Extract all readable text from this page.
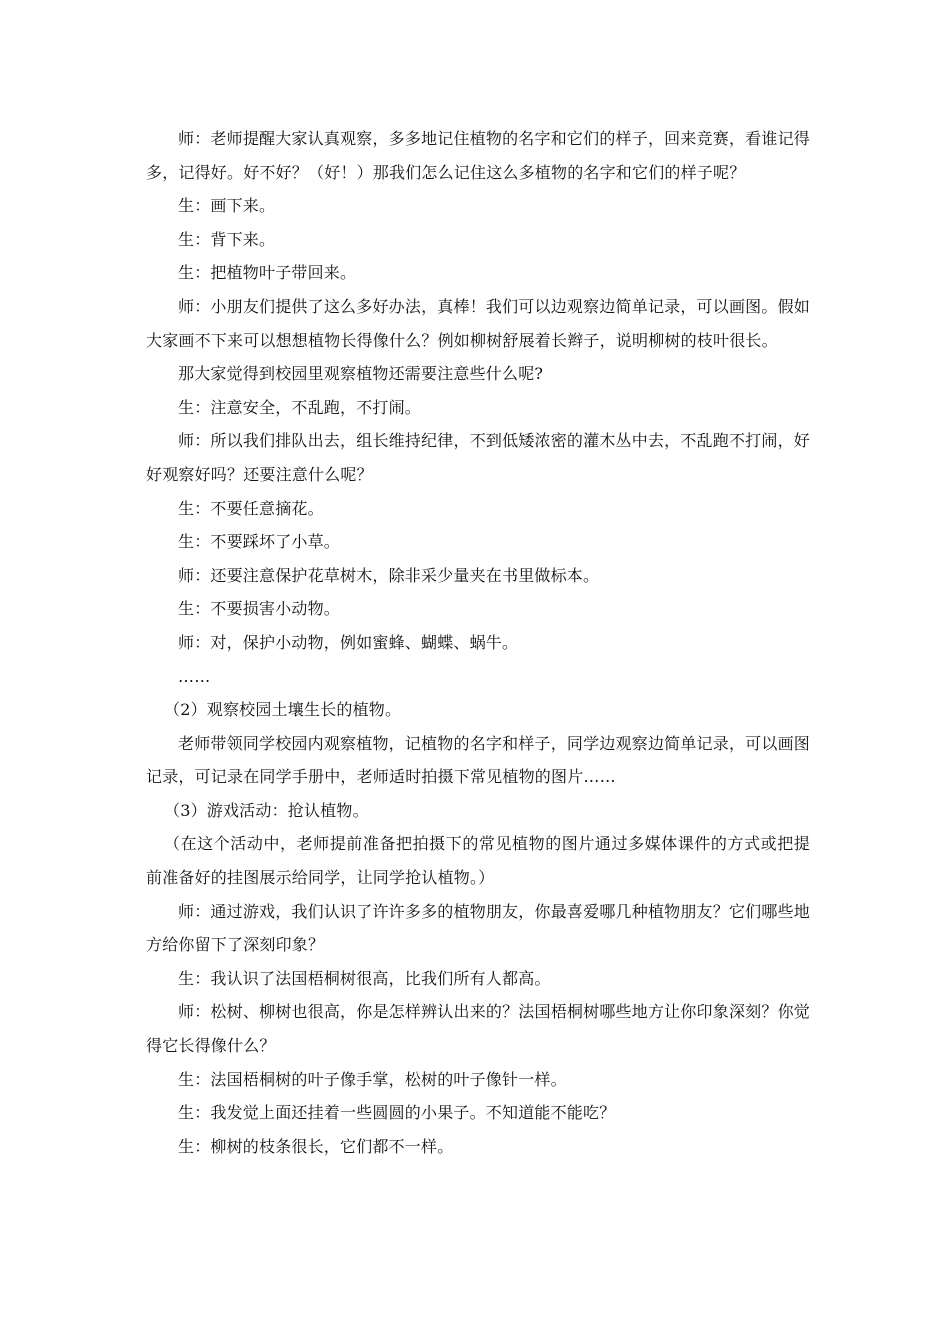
师：老师提醒大家认真观察，多多地记住植物的名字和它们的样子，回来竞赛，看谁记得多，记得好。好不好？（好！）那我们怎么记住这么多植物的名字和它们的样子呢？

生：画下来。

生：背下来。

生：把植物叶子带回来。

师：小朋友们提供了这么多好办法，真棒！我们可以边观察边简单记录，可以画图。假如大家画不下来可以想想植物长得像什么？例如柳树舒展着长辫子，说明柳树的枝叶很长。

那大家觉得到校园里观察植物还需要注意些什么呢?

生：注意安全，不乱跑，不打闹。

师：所以我们排队出去，组长维持纪律，不到低矮浓密的灌木丛中去，不乱跑不打闹，好好观察好吗？还要注意什么呢？

生：不要任意摘花。

生：不要踩坏了小草。

师：还要注意保护花草树木，除非采少量夹在书里做标本。

生：不要损害小动物。

师：对，保护小动物，例如蜜蜂、蝴蝶、蜗牛。

……

（2）观察校园土壤生长的植物。

老师带领同学校园内观察植物，记植物的名字和样子，同学边观察边简单记录，可以画图记录，可记录在同学手册中，老师适时拍摄下常见植物的图片……

（3）游戏活动：抢认植物。

（在这个活动中，老师提前准备把拍摄下的常见植物的图片通过多媒体课件的方式或把提前准备好的挂图展示给同学，让同学抢认植物。）

师：通过游戏，我们认识了许许多多的植物朋友，你最喜爱哪几种植物朋友？它们哪些地方给你留下了深刻印象？

生：我认识了法国梧桐树很高，比我们所有人都高。

师：松树、柳树也很高，你是怎样辨认出来的？法国梧桐树哪些地方让你印象深刻？你觉得它长得像什么？

生：法国梧桐树的叶子像手掌，松树的叶子像针一样。

生：我发觉上面还挂着一些圆圆的小果子。不知道能不能吃？

生：柳树的枝条很长，它们都不一样。
